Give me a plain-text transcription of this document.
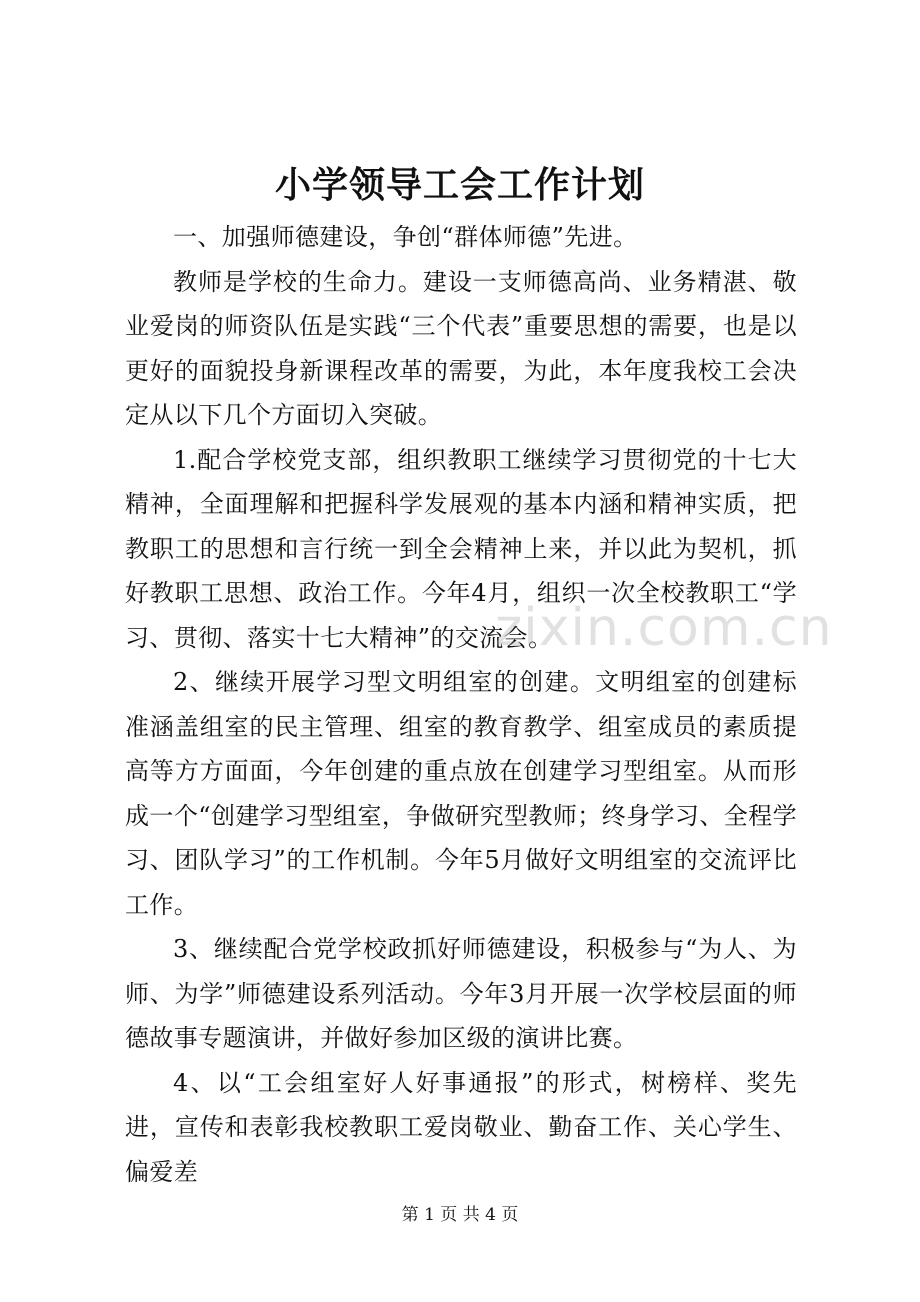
小学领导工会工作计划

一、加强师德建设，争创“群体师德”先进。

教师是学校的生命力。建设一支师德高尚、业务精湛、敬业爱岗的师资队伍是实践“三个代表”重要思想的需要，也是以更好的面貌投身新课程改革的需要，为此，本年度我校工会决定从以下几个方面切入突破。

1.配合学校党支部，组织教职工继续学习贯彻党的十七大精神，全面理解和把握科学发展观的基本内涵和精神实质，把教职工的思想和言行统一到全会精神上来，并以此为契机，抓好教职工思想、政治工作。今年4月，组织一次全校教职工“学习、贯彻、落实十七大精神”的交流会。

2、继续开展学习型文明组室的创建。文明组室的创建标准涵盖组室的民主管理、组室的教育教学、组室成员的素质提高等方方面面，今年创建的重点放在创建学习型组室。从而形成一个“创建学习型组室，争做研究型教师；终身学习、全程学习、团队学习”的工作机制。今年5月做好文明组室的交流评比工作。

3、继续配合党学校政抓好师德建设，积极参与“为人、为师、为学”师德建设系列活动。今年3月开展一次学校层面的师德故事专题演讲，并做好参加区级的演讲比赛。

4、以“工会组室好人好事通报”的形式，树榜样、奖先进，宣传和表彰我校教职工爱岗敬业、勤奋工作、关心学生、偏爱差

zixin.com.cn
第 1 页 共 4 页
